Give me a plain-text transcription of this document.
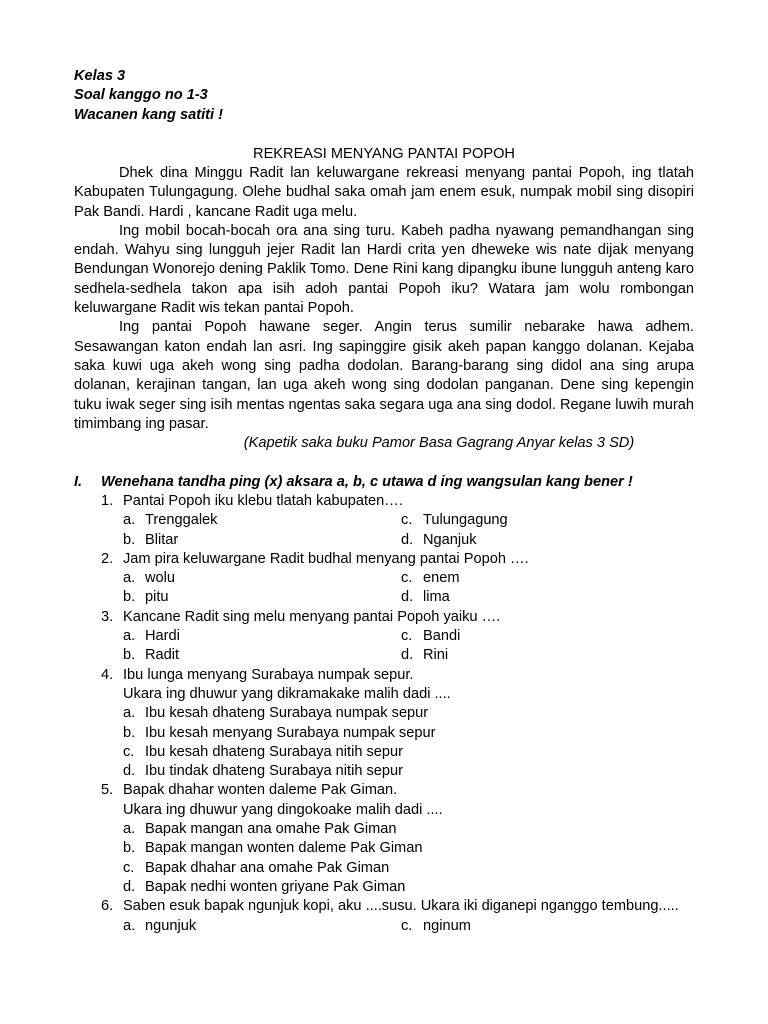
Kelas 3
Soal kanggo no 1-3
Wacanen kang satiti !
REKREASI MENYANG PANTAI POPOH

Dhek dina Minggu Radit lan keluwargane rekreasi menyang pantai Popoh, ing tlatah Kabupaten Tulungagung. Olehe budhal saka omah jam enem esuk, numpak mobil sing disopiri Pak Bandi. Hardi , kancane Radit uga melu.

Ing mobil bocah-bocah ora ana sing turu. Kabeh padha nyawang pemandhangan sing endah. Wahyu sing lungguh jejer Radit lan Hardi crita yen dheweke wis nate dijak menyang Bendungan Wonorejo dening Paklik Tomo. Dene Rini kang dipangku ibune lungguh anteng karo sedhela-sedhela takon apa isih adoh pantai Popoh iku? Watara jam wolu rombongan keluwargane Radit wis tekan pantai Popoh.

Ing pantai Popoh hawane seger. Angin terus sumilir nebarake hawa adhem. Sesawangan katon endah lan asri. Ing sapinggire gisik akeh papan kanggo dolanan. Kejaba saka kuwi uga akeh wong sing padha dodolan. Barang-barang sing didol ana sing arupa dolanan, kerajinan tangan, lan uga akeh wong sing dodolan panganan. Dene sing kepengin tuku iwak seger sing isih mentas ngentas saka segara uga ana sing dodol. Regane luwih murah timimbang ing pasar.

(Kapetik saka buku Pamor Basa Gagrang Anyar kelas 3 SD)
I. Wenehana tandha ping (x) aksara a, b, c utawa d ing wangsulan kang bener !
1. Pantai Popoh iku klebu tlatah kabupaten….
a. Trenggalek	c. Tulungagung
b. Blitar	d. Nganjuk
2. Jam pira keluwargane Radit budhal menyang pantai Popoh ….
a. wolu	c. enem
b. pitu	d. lima
3. Kancane Radit sing melu menyang pantai Popoh yaiku ….
a. Hardi	c. Bandi
b. Radit	d. Rini
4. Ibu lunga menyang Surabaya numpak sepur.
Ukara ing dhuwur yang dikramakake malih dadi ....
a. Ibu kesah dhateng Surabaya numpak sepur
b. Ibu kesah menyang Surabaya numpak sepur
c. Ibu kesah dhateng Surabaya nitih sepur
d. Ibu tindak dhateng Surabaya nitih sepur
5. Bapak dhahar wonten daleme Pak Giman.
Ukara ing dhuwur yang dingokoake malih dadi ....
a. Bapak mangan ana omahe Pak Giman
b. Bapak mangan wonten daleme Pak Giman
c. Bapak dhahar ana omahe Pak Giman
d. Bapak nedhi wonten griyane Pak Giman
6. Saben esuk bapak ngunjuk kopi, aku ....susu. Ukara iki diganepi nganggo tembung.....
a. ngunjuk	c. nginum
